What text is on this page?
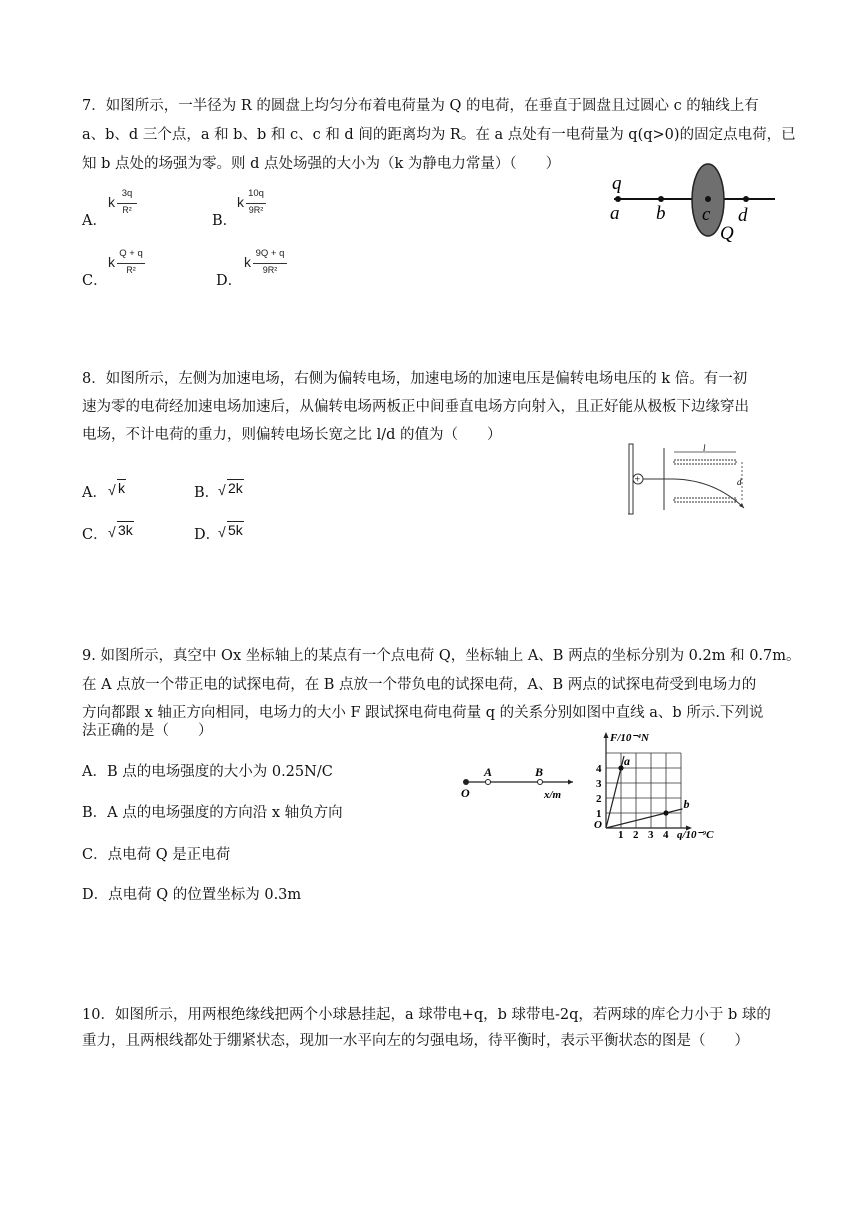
7．如图所示，一半径为 R 的圆盘上均匀分布着电荷量为 Q 的电荷，在垂直于圆盘且过圆心 c 的轴线上有
a、b、d 三个点，a 和 b、b 和 c、c 和 d 间的距离均为 R。在 a 点处有一电荷量为 q(q>0)的固定点电荷，已
知 b 点处的场强为零。则 d 点处场强的大小为（k 为静电力常量）（　　）
A．
k
3q
R²
B．
k
10q
9R²
C．
k
Q + q
R²
D．
k
9Q + q
9R²
q
a b c d
Q
8．如图所示，左侧为加速电场，右侧为偏转电场，加速电场的加速电压是偏转电场电压的 k 倍。有一初
速为零的电荷经加速电场加速后，从偏转电场两板正中间垂直电场方向射入，且正好能从极板下边缘穿出
电场，不计电荷的重力，则偏转电场长宽之比 l/d 的值为（　　）
A． √ k	B．
√ 2k
C． √ 3k	D．
√ 5k
+
l
d
9. 如图所示，真空中 Ox 坐标轴上的某点有一个点电荷 Q，坐标轴上 A、B 两点的坐标分别为 0.2m 和 0.7m。
在 A 点放一个带正电的试探电荷，在 B 点放一个带负电的试探电荷，A、B 两点的试探电荷受到电场力的
方向都跟 x 轴正方向相同，电场力的大小 F 跟试探电荷电荷量 q 的关系分别如图中直线 a、b 所示.下列说
法正确的是（　　）
A．B 点的电场强度的大小为 0.25N/C
B．A 点的电场强度的方向沿 x 轴负方向
C．点电荷 Q 是正电荷
D．点电荷 Q 的位置坐标为 0.3m
O
A	B
x/m
F/10⁻⁴N
q/10⁻⁹C
O
1
2
3
4
1 2 3 4
a
b
10．如图所示，用两根绝缘线把两个小球悬挂起，a 球带电+q，b 球带电-2q，若两球的库仑力小于 b 球的
重力，且两根线都处于绷紧状态，现加一水平向左的匀强电场，待平衡时，表示平衡状态的图是（　　）
